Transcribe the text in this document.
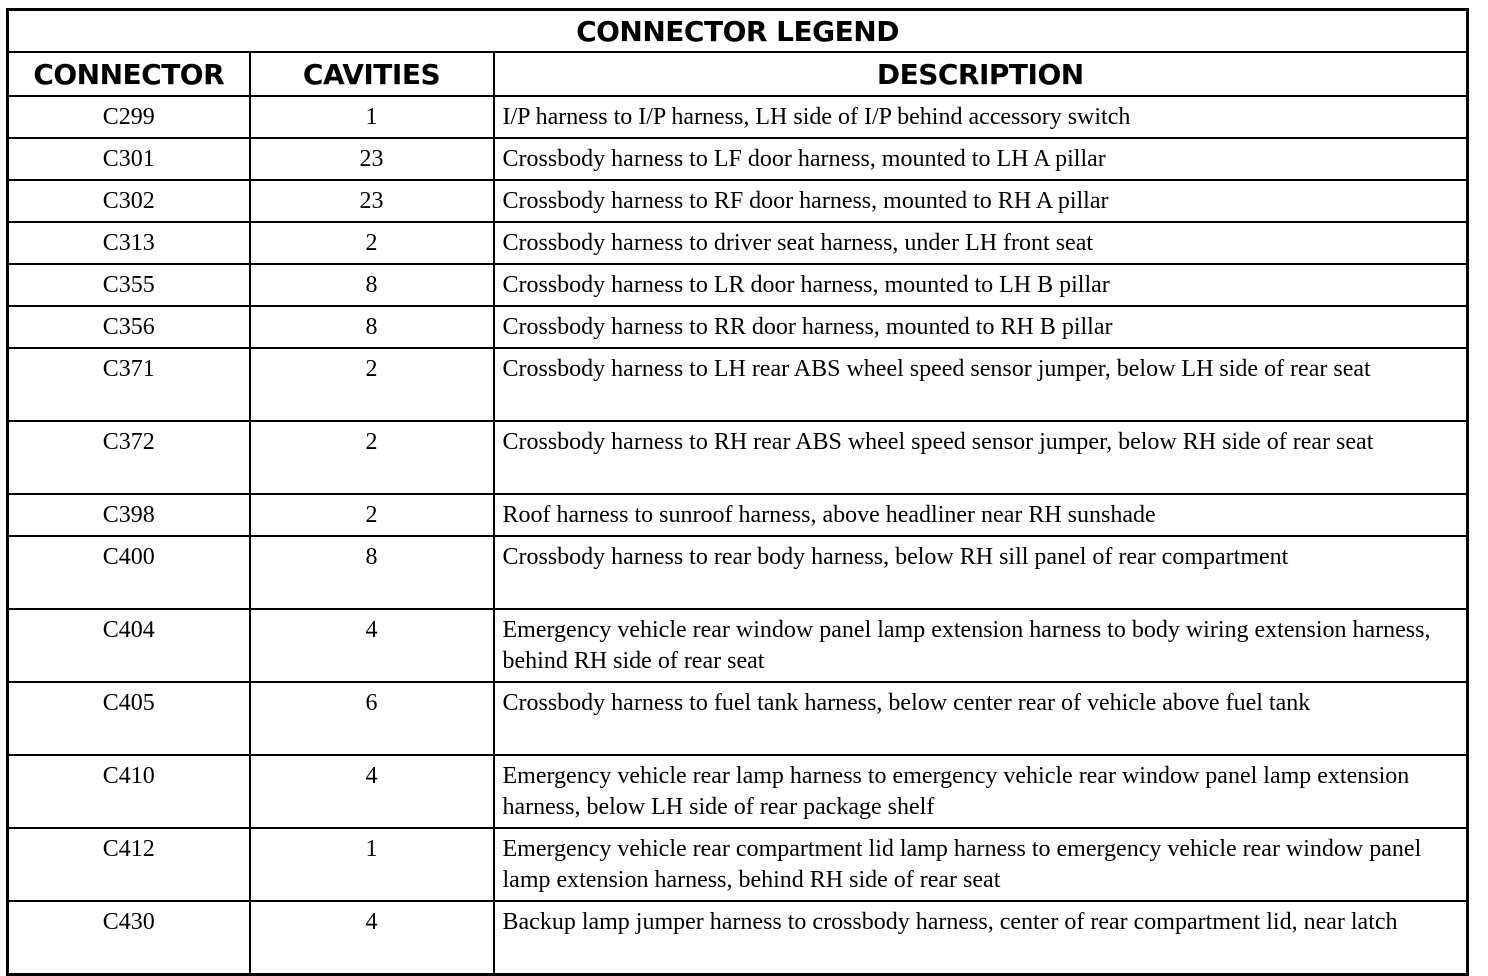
CONNECTOR LEGEND		
CONNECTOR	CAVITIES	DESCRIPTION
C299	1	I/P harness to I/P harness, LH side of I/P behind accessory switch
C301	23	Crossbody harness to LF door harness, mounted to LH A pillar
C302	23	Crossbody harness to RF door harness, mounted to RH A pillar
C313	2	Crossbody harness to driver seat harness, under LH front seat
C355	8	Crossbody harness to LR door harness, mounted to LH B pillar
C356	8	Crossbody harness to RR door harness, mounted to RH B pillar
C371	2	Crossbody harness to LH rear ABS wheel speed sensor jumper, below LH side of rear seat
C372	2	Crossbody harness to RH rear ABS wheel speed sensor jumper, below RH side of rear seat
C398	2	Roof harness to sunroof harness, above headliner near RH sunshade
C400	8	Crossbody harness to rear body harness, below RH sill panel of rear compartment
C404	4	Emergency vehicle rear window panel lamp extension harness to body wiring extension harness, behind RH side of rear seat
C405	6	Crossbody harness to fuel tank harness, below center rear of vehicle above fuel tank
C410	4	Emergency vehicle rear lamp harness to emergency vehicle rear window panel lamp extension harness, below LH side of rear package shelf
C412	1	Emergency vehicle rear compartment lid lamp harness to emergency vehicle rear window panel lamp extension harness, behind RH side of rear seat
C430	4	Backup lamp jumper harness to crossbody harness, center of rear compartment lid, near latch
